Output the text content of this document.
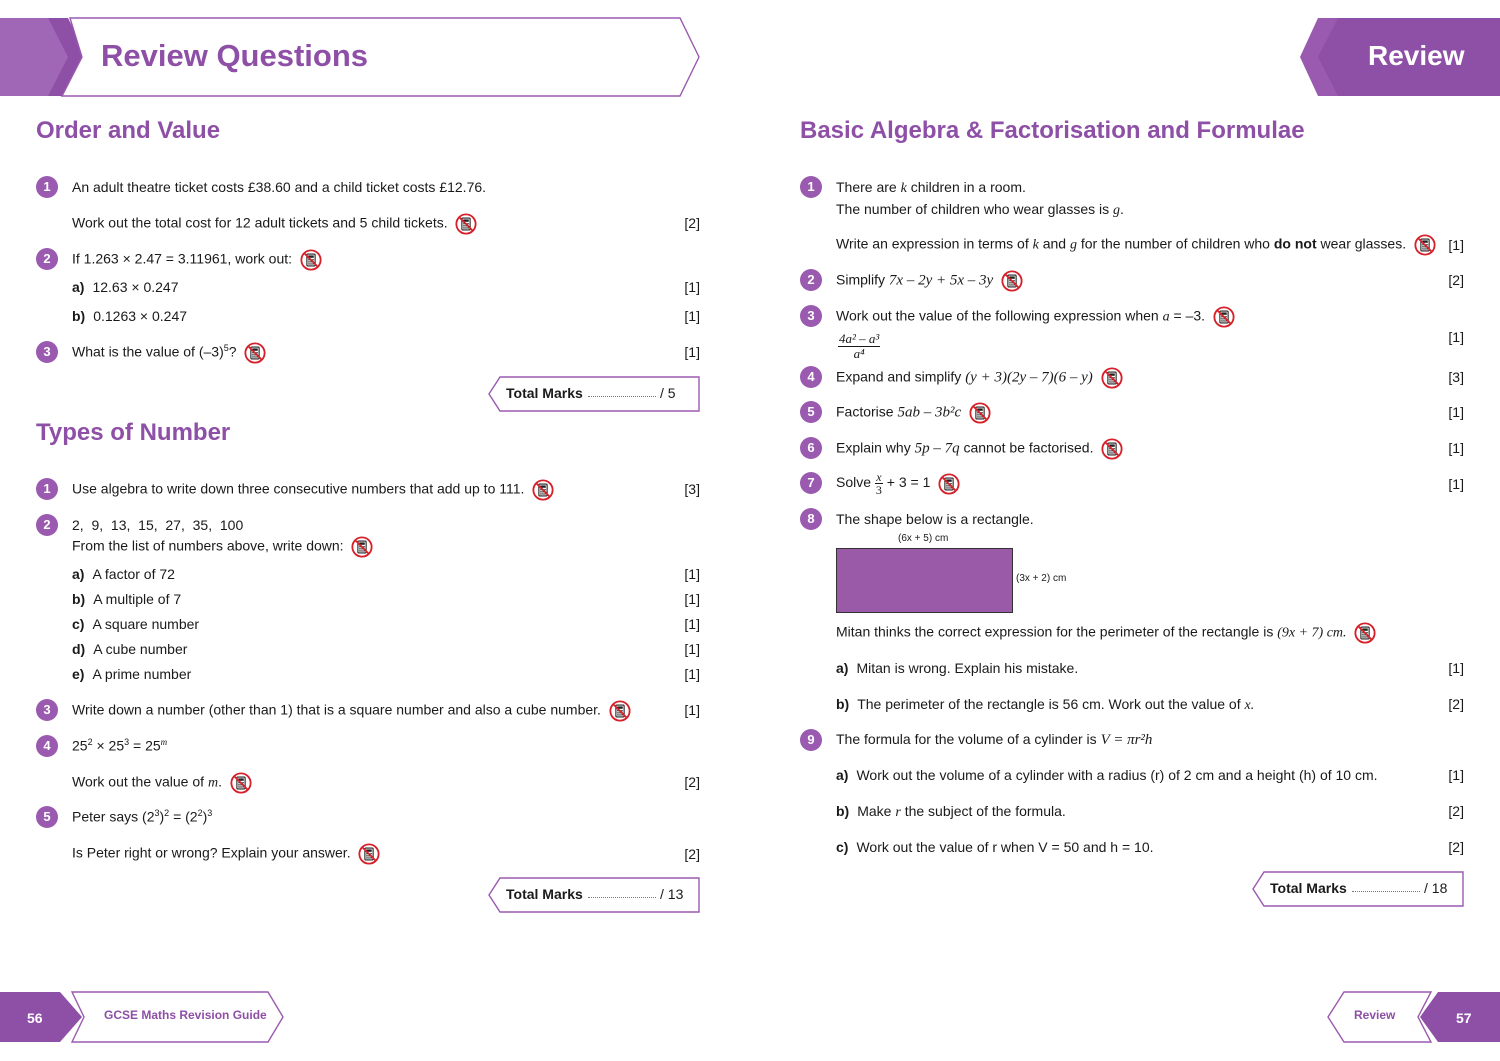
Review Questions	Review
Order and Value
1	An adult theatre ticket costs £38.60 and a child ticket costs £12.76.
Work out the total cost for 12 adult tickets and 5 child tickets.	[2]
2	If 1.263 × 2.47 = 3.11961, work out:
a) 12.63 × 0.247	[1]
b) 0.1263 × 0.247	[1]
3	What is the value of $(-3)^5$?	[1]
Total Marks	/ 5
Types of Number
1	Use algebra to write down three consecutive numbers that add up to 111.	[3]
2	2,  9,  13,  15,  27,  35,  100
From the list of numbers above, write down:
a) A factor of 72	[1]
b) A multiple of 7	[1]
c) A square number	[1]
d) A cube number	[1]
e) A prime number	[1]
3	Write down a number (other than 1) that is a square number and also a cube number.	[1]
4	$25^2 \times 25^3 = 25^m$
Work out the value of m.	[2]
5	Peter says $(2^3)^2 = (2^2)^3$
Is Peter right or wrong? Explain your answer.	[2]
Total Marks	/ 13
Basic Algebra & Factorisation and Formulae
1	There are k children in a room.
The number of children who wear glasses is g.
Write an expression in terms of k and g for the number of children who do not wear glasses.	[1]
2	Simplify 7x – 2y + 5x – 3y	[2]
3	Work out the value of the following expression when a = –3.
$\frac{\text{4a² – a³}}{\text{a⁴}}$	[1]
4	Expand and simplify (y + 3)(2y – 7)(6 – y)	[3]
5	Factorise 5ab – 3b²c	[1]
6	Explain why 5p – 7q cannot be factorised.	[1]
7	Solve $\frac{x}{3} + 3 = 1$	[1]
8	The shape below is a rectangle.
(6x + 5) cm
(3x + 2) cm
Mitan thinks the correct expression for the perimeter of the rectangle is (9x + 7) cm.
a) Mitan is wrong. Explain his mistake.	[1]
b) The perimeter of the rectangle is 56 cm. Work out the value of x.	[2]
9	The formula for the volume of a cylinder is V = πr²h
a) Work out the volume of a cylinder with a radius (r) of 2 cm and a height (h) of 10 cm.	[1]
b) Make r the subject of the formula.	[2]
c) Work out the value of r when V = 50 and h = 10.	[2]
Total Marks	/ 18
56	GCSE Maths Revision Guide	Review	57
